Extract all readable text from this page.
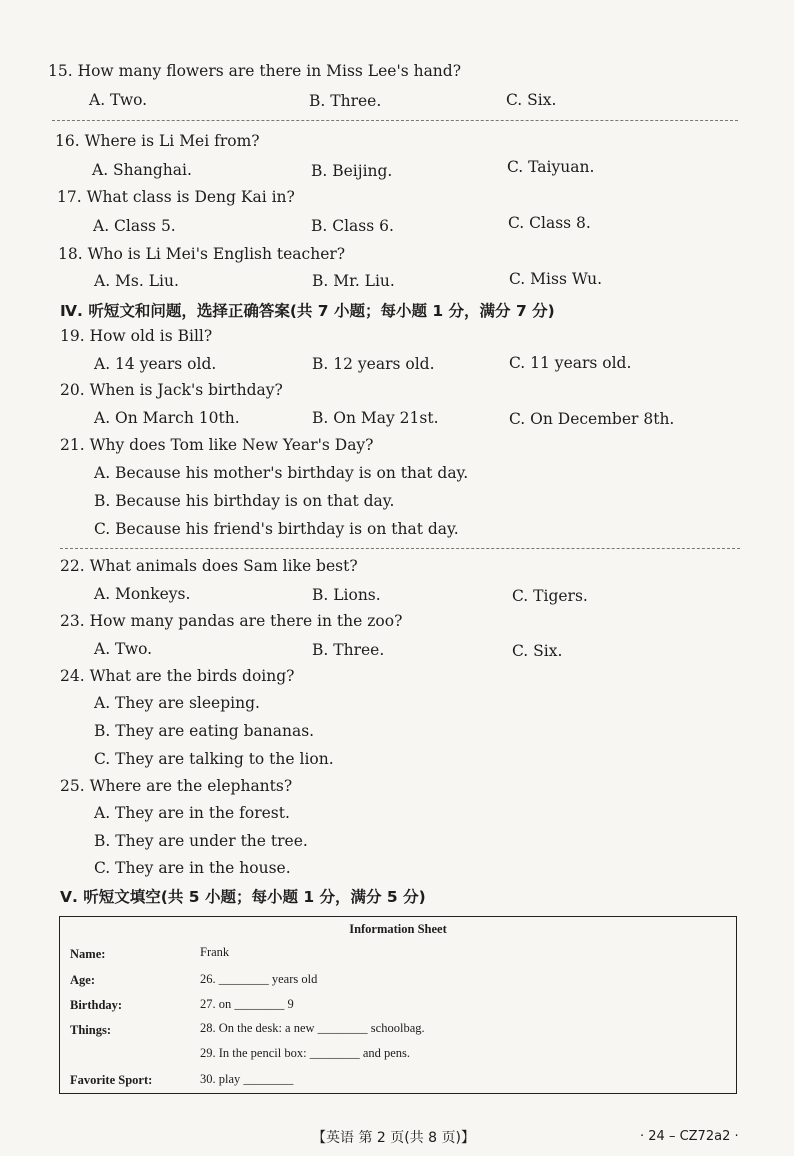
15. How many flowers are there in Miss Lee's hand?
A. Two.	B. Three.	C. Six.
16. Where is Li Mei from?
A. Shanghai.	B. Beijing.	C. Taiyuan.
17. What class is Deng Kai in?
A. Class 5.	B. Class 6.	C. Class 8.
18. Who is Li Mei's English teacher?
A. Ms. Liu.	B. Mr. Liu.	C. Miss Wu.
Ⅳ. 听短文和问题，选择正确答案(共 7 小题；每小题 1 分，满分 7 分)
19. How old is Bill?
A. 14 years old.	B. 12 years old.	C. 11 years old.
20. When is Jack's birthday?
A. On March 10th.	B. On May 21st.	C. On December 8th.
21. Why does Tom like New Year's Day?
A. Because his mother's birthday is on that day.
B. Because his birthday is on that day.
C. Because his friend's birthday is on that day.
22. What animals does Sam like best?
A. Monkeys.	B. Lions.	C. Tigers.
23. How many pandas are there in the zoo?
A. Two.	B. Three.	C. Six.
24. What are the birds doing?
A. They are sleeping.
B. They are eating bananas.
C. They are talking to the lion.
25. Where are the elephants?
A. They are in the forest.
B. They are under the tree.
C. They are in the house.
Ⅴ. 听短文填空(共 5 小题；每小题 1 分，满分 5 分)
Information Sheet
Name:	Frank
Age:	26. ________ years old
Birthday:	27. on ________ 9
Things:	28. On the desk: a new ________ schoolbag.
29. In the pencil box: ________ and pens.
Favorite Sport:	30. play ________
【英语 第 2 页(共 8 页)】	· 24 – CZ72a2 ·
